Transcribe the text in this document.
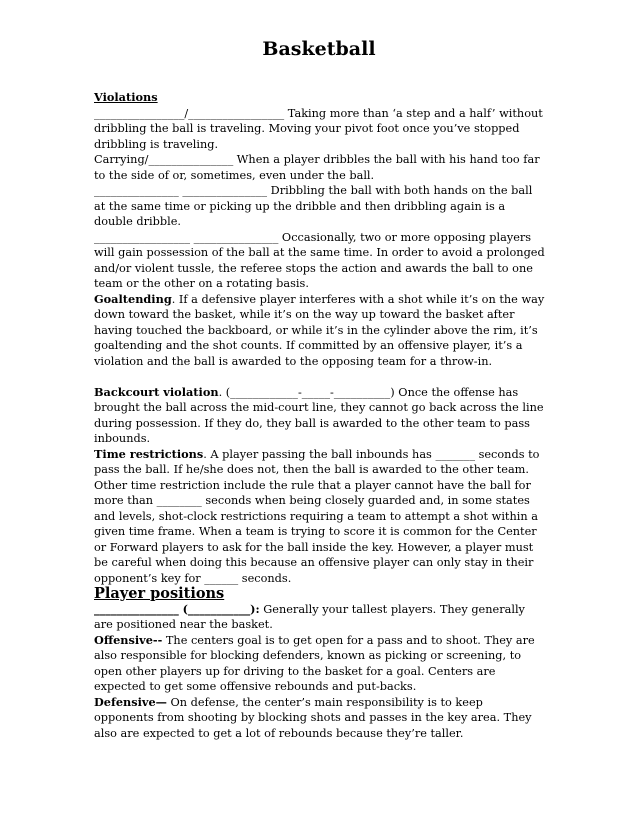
Basketball

Violations

________________/_________________ Taking more than ‘a step and a half’ without dribbling the ball is traveling. Moving your pivot foot once you’ve stopped dribbling is traveling.

Carrying/_______________ When a player dribbles the ball with his hand too far to the side of or, sometimes, even under the ball.

_______________ _______________ Dribbling the ball with both hands on the ball at the same time or picking up the dribble and then dribbling again is a double dribble.

_________________ _______________ Occasionally, two or more opposing players will gain possession of the ball at the same time. In order to avoid a prolonged and/or violent tussle, the referee stops the action and awards the ball to one team or the other on a rotating basis.

Goaltending. If a defensive player interferes with a shot while it’s on the way down toward the basket, while it’s on the way up toward the basket after having touched the backboard, or while it’s in the cylinder above the rim, it’s goaltending and the shot counts. If committed by an offensive player, it’s a violation and the ball is awarded to the opposing team for a throw-in.

Backcourt violation. (____________-_____-__________) Once the offense has brought the ball across the mid-court line, they cannot go back across the line during possession. If they do, they ball is awarded to the other team to pass inbounds.

Time restrictions. A player passing the ball inbounds has _______ seconds to pass the ball. If he/she does not, then the ball is awarded to the other team. Other time restriction include the rule that a player cannot have the ball for more than ________ seconds when being closely guarded and, in some states and levels, shot-clock restrictions requiring a team to attempt a shot within a given time frame. When a team is trying to score it is common for the Center or Forward players to ask for the ball inside the key. However, a player must be careful when doing this because an offensive player can only stay in their opponent’s key for ______ seconds.

Player positions

_______________ (___________): Generally your tallest players. They generally are positioned near the basket.

Offensive-- The centers goal is to get open for a pass and to shoot. They are also responsible for blocking defenders, known as picking or screening, to open other players up for driving to the basket for a goal. Centers are expected to get some offensive rebounds and put-backs.

Defensive— On defense, the center’s main responsibility is to keep opponents from shooting by blocking shots and passes in the key area. They also are expected to get a lot of rebounds because they’re taller.
